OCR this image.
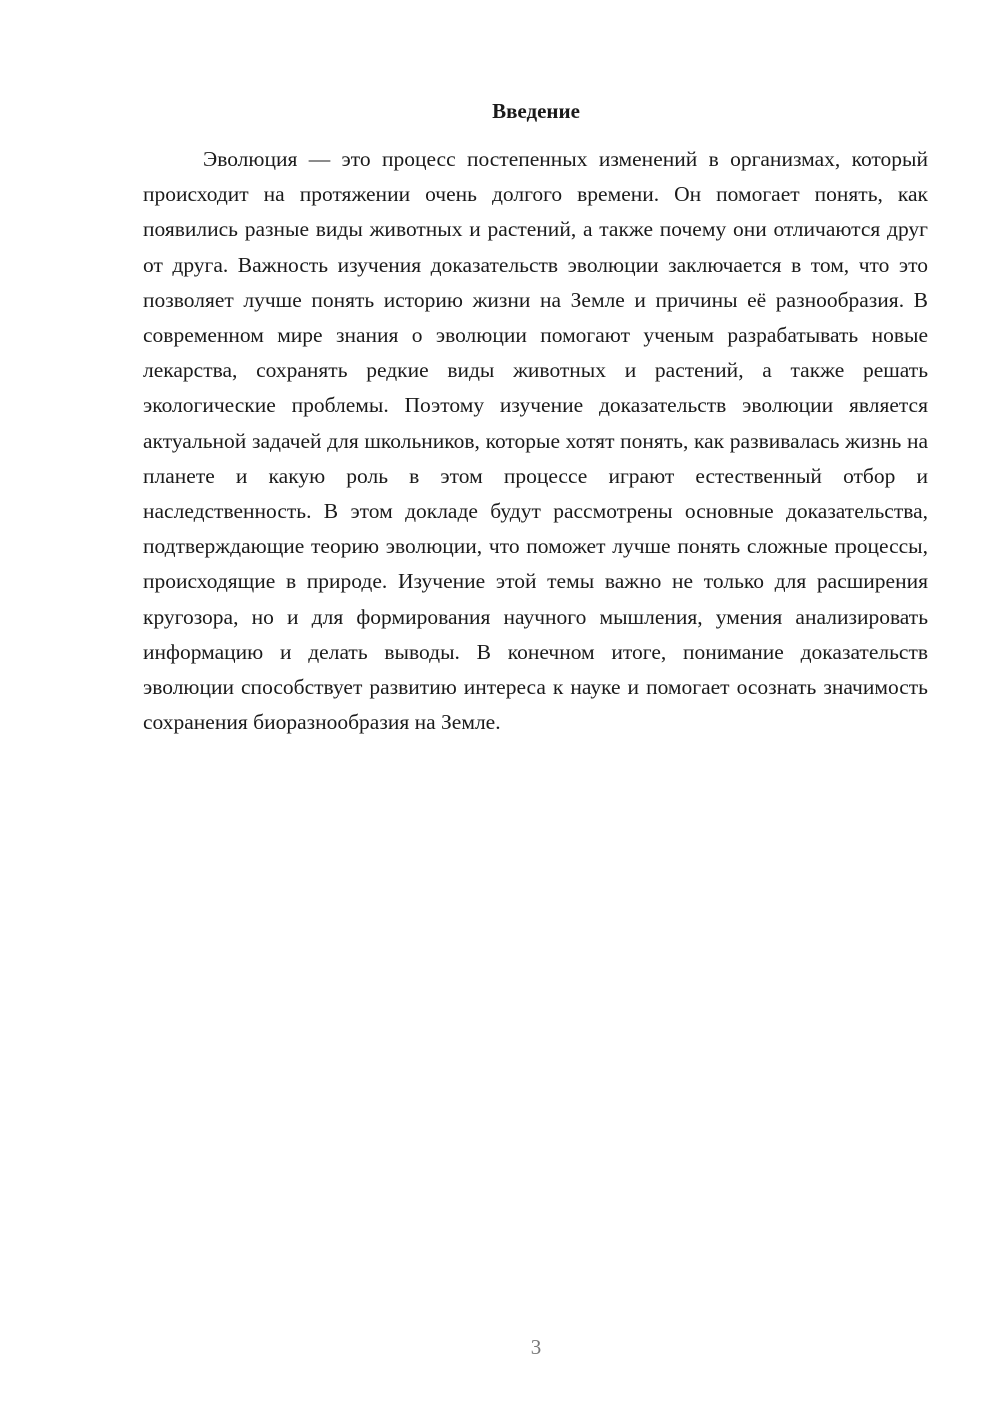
Введение

Эволюция — это процесс постепенных изменений в организмах, который происходит на протяжении очень долгого времени. Он помогает понять, как появились разные виды животных и растений, а также почему они отличаются друг от друга. Важность изучения доказательств эволюции заключается в том, что это позволяет лучше понять историю жизни на Земле и причины её разнообразия. В современном мире знания о эволюции помогают ученым разрабатывать новые лекарства, сохранять редкие виды животных и растений, а также решать экологические проблемы. Поэтому изучение доказательств эволюции является актуальной задачей для школьников, которые хотят понять, как развивалась жизнь на планете и какую роль в этом процессе играют естественный отбор и наследственность. В этом докладе будут рассмотрены основные доказательства, подтверждающие теорию эволюции, что поможет лучше понять сложные процессы, происходящие в природе. Изучение этой темы важно не только для расширения кругозора, но и для формирования научного мышления, умения анализировать информацию и делать выводы. В конечном итоге, понимание доказательств эволюции способствует развитию интереса к науке и помогает осознать значимость сохранения биоразнообразия на Земле.

3
